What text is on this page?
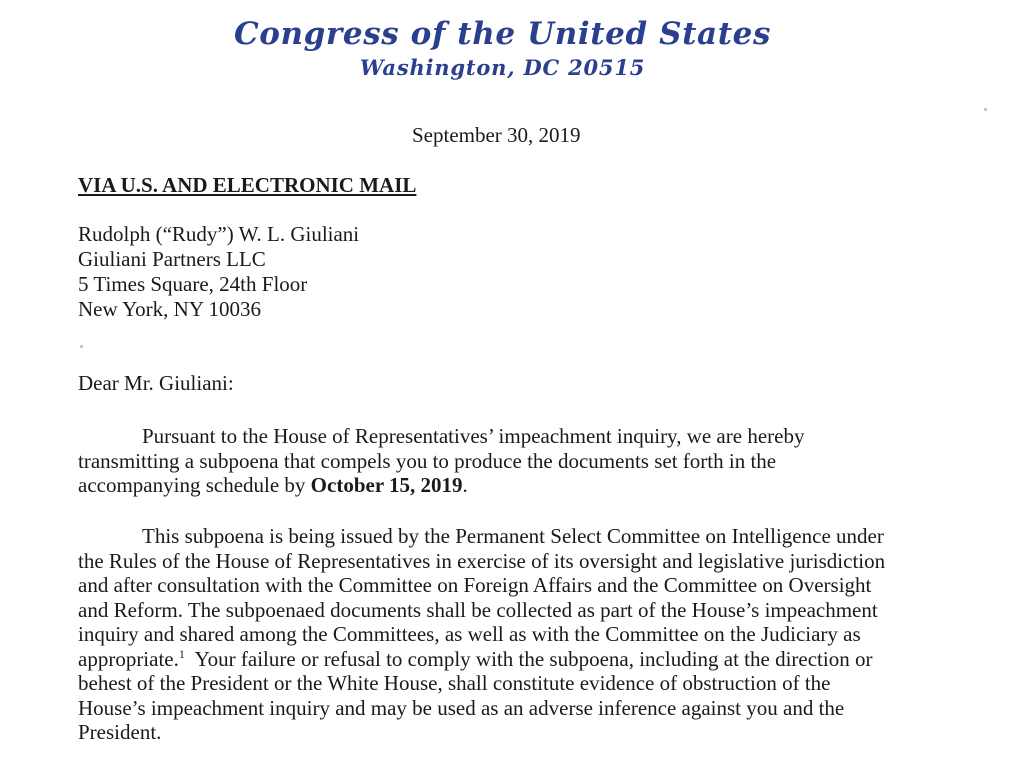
Congress of the United States
Washington, DC 20515
September 30, 2019
VIA U.S. AND ELECTRONIC MAIL
Rudolph (“Rudy”) W. L. Giuliani
Giuliani Partners LLC
5 Times Square, 24th Floor
New York, NY 10036
Dear Mr. Giuliani:
Pursuant to the House of Representatives’ impeachment inquiry, we are hereby
transmitting a subpoena that compels you to produce the documents set forth in the
accompanying schedule by October 15, 2019.
This subpoena is being issued by the Permanent Select Committee on Intelligence under
the Rules of the House of Representatives in exercise of its oversight and legislative jurisdiction
and after consultation with the Committee on Foreign Affairs and the Committee on Oversight
and Reform. The subpoenaed documents shall be collected as part of the House’s impeachment
inquiry and shared among the Committees, as well as with the Committee on the Judiciary as
appropriate.$^1$  Your failure or refusal to comply with the subpoena, including at the direction or
behest of the President or the White House, shall constitute evidence of obstruction of the
House’s impeachment inquiry and may be used as an adverse inference against you and the
President.
